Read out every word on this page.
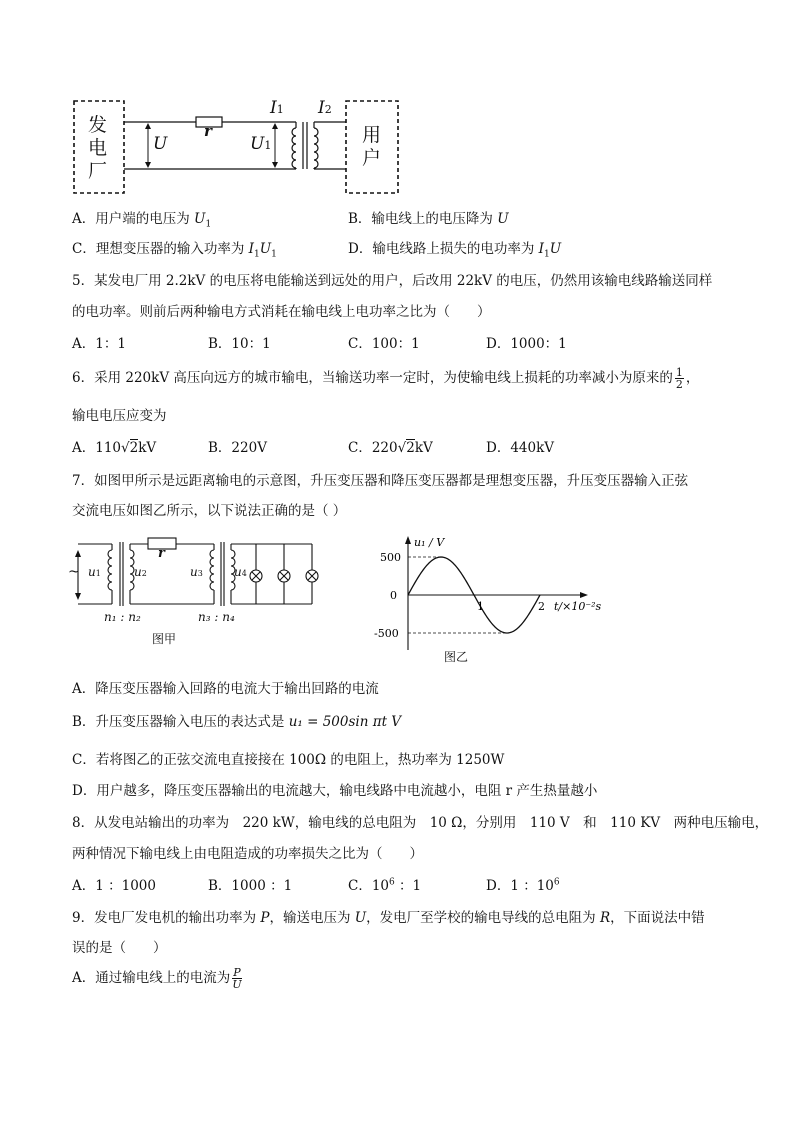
发
电
厂
用
户
r
U	U1
I1 I2
A．用户端的电压为 $U_1$	B．输电线上的电压降为 U
C．理想变压器的输入功率为 $I_1U_1$	D．输电线路上损失的电功率为 $I_1U$
5．某发电厂用 2.2kV 的电压将电能输送到远处的用户，后改用 22kV 的电压，仍然用该输电线路输送同样
的电功率。则前后两种输电方式消耗在输电线上电功率之比为（　　）
A．1：1	B．10：1	C．100：1	D．1000：1
6．采用 220kV 高压向远方的城市输电，当输送功率一定时，为使输电线上损耗的功率减小为原来的 $\frac{1}{2}$ ，
输电电压应变为
A．110√2kV	B．220V	C．220√2kV	D．440kV
7．如图甲所示是远距离输电的示意图，升压变压器和降压变压器都是理想变压器，升压变压器输入正弦
交流电压如图乙所示，以下说法正确的是（ ）
r
~ u1	u2	u3	u4
n₁ : n₂	n₃ : n₄
图甲
500
0
-500
1	2
u₁ / V
t/×10⁻²s
图乙
A．降压变压器输入回路的电流大于输出回路的电流
B．升压变压器输入电压的表达式是 u₁ = 500sin πt V
C．若将图乙的正弦交流电直接接在 100Ω 的电阻上，热功率为 1250W
D．用户越多，降压变压器输出的电流越大，输电线路中电流越小，电阻 r 产生热量越小
8．从发电站输出的功率为　220 kW，输电线的总电阻为　10 Ω，分别用　110 V　和　110 KV　两种电压输电，
两种情况下输电线上由电阻造成的功率损失之比为（　　）
A．1 ：1000	B．1000 ：1	C．$10^6$ ：1	D．1 ：$10^6$
9．发电厂发电机的输出功率为 P，输送电压为 U，发电厂至学校的输电导线的总电阻为 R，下面说法中错
误的是（　　）
A．通过输电线上的电流为 $\frac{P}{U}$
